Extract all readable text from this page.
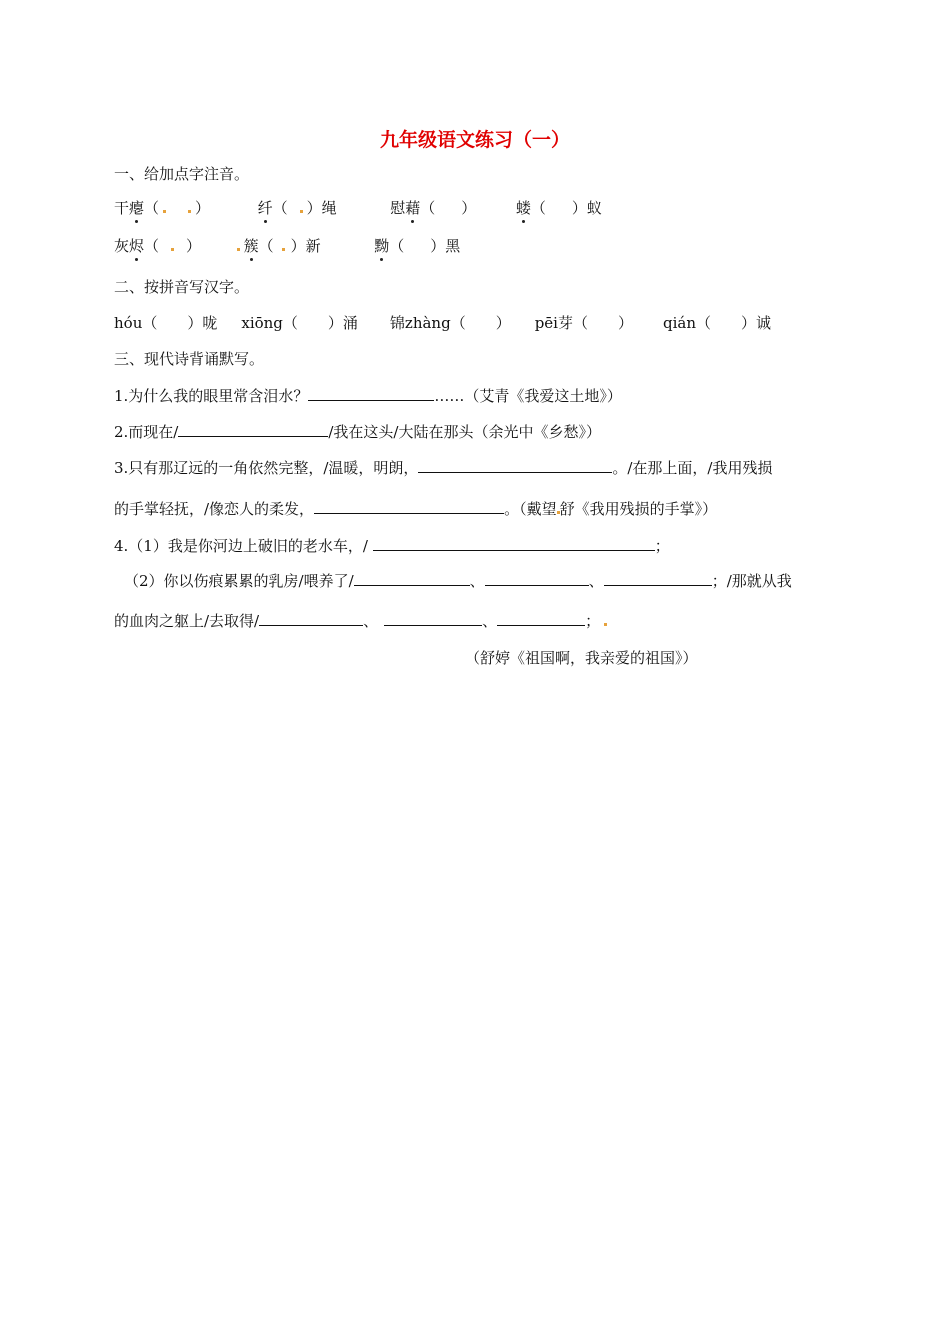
九年级语文练习（一）
一、给加点字注音。
干瘪（ ）	纤（ ）绳	慰藉（ ）	蝼（ ）蚁
灰烬（ ）	簇（ ）新	黝（ ）黑
二、按拼音写汉字。
hóu（　　）咙 xiōng（　　）涌 锦zhàng（　　） pēi芽（　　） qián（　　）诚
三、现代诗背诵默写。
1.为什么我的眼里常含泪水？	……（艾青《我爱这土地》）
2.而现在/	/我在这头/大陆在那头（余光中《乡愁》）
3.只有那辽远的一角依然完整，/温暖，明朗，	。/在那上面，/我用残损
的手掌轻抚，/像恋人的柔发，	。（戴望 舒《我用残损的手掌》）
4.（1）我是你河边上破旧的老水车，/	；
（2）你以伤痕累累的乳房/喂养了/	、	、	；/那就从我
的血肉之躯上/去取得/	、	、	；
（舒婷《祖国啊，我亲爱的祖国》）
